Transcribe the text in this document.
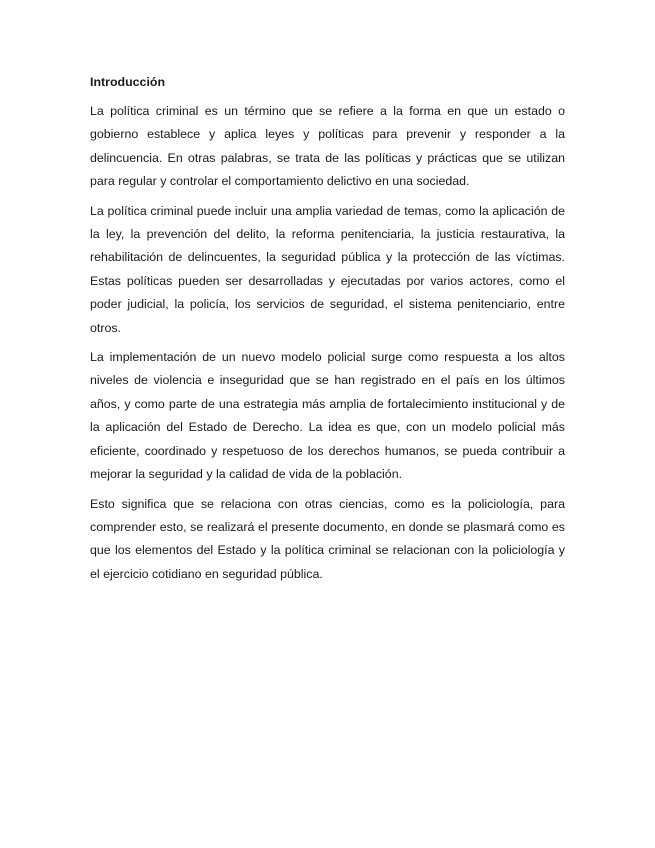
Introducción

La política criminal es un término que se refiere a la forma en que un estado o gobierno establece y aplica leyes y políticas para prevenir y responder a la delincuencia. En otras palabras, se trata de las políticas y prácticas que se utilizan para regular y controlar el comportamiento delictivo en una sociedad.

La política criminal puede incluir una amplia variedad de temas, como la aplicación de la ley, la prevención del delito, la reforma penitenciaria, la justicia restaurativa, la rehabilitación de delincuentes, la seguridad pública y la protección de las víctimas. Estas políticas pueden ser desarrolladas y ejecutadas por varios actores, como el poder judicial, la policía, los servicios de seguridad, el sistema penitenciario, entre otros.

La implementación de un nuevo modelo policial surge como respuesta a los altos niveles de violencia e inseguridad que se han registrado en el país en los últimos años, y como parte de una estrategia más amplia de fortalecimiento institucional y de la aplicación del Estado de Derecho. La idea es que, con un modelo policial más eficiente, coordinado y respetuoso de los derechos humanos, se pueda contribuir a mejorar la seguridad y la calidad de vida de la población.

Esto significa que se relaciona con otras ciencias, como es la policiología, para comprender esto, se realizará el presente documento, en donde se plasmará como es que los elementos del Estado y la política criminal se relacionan con la policiología y el ejercicio cotidiano en seguridad pública.
